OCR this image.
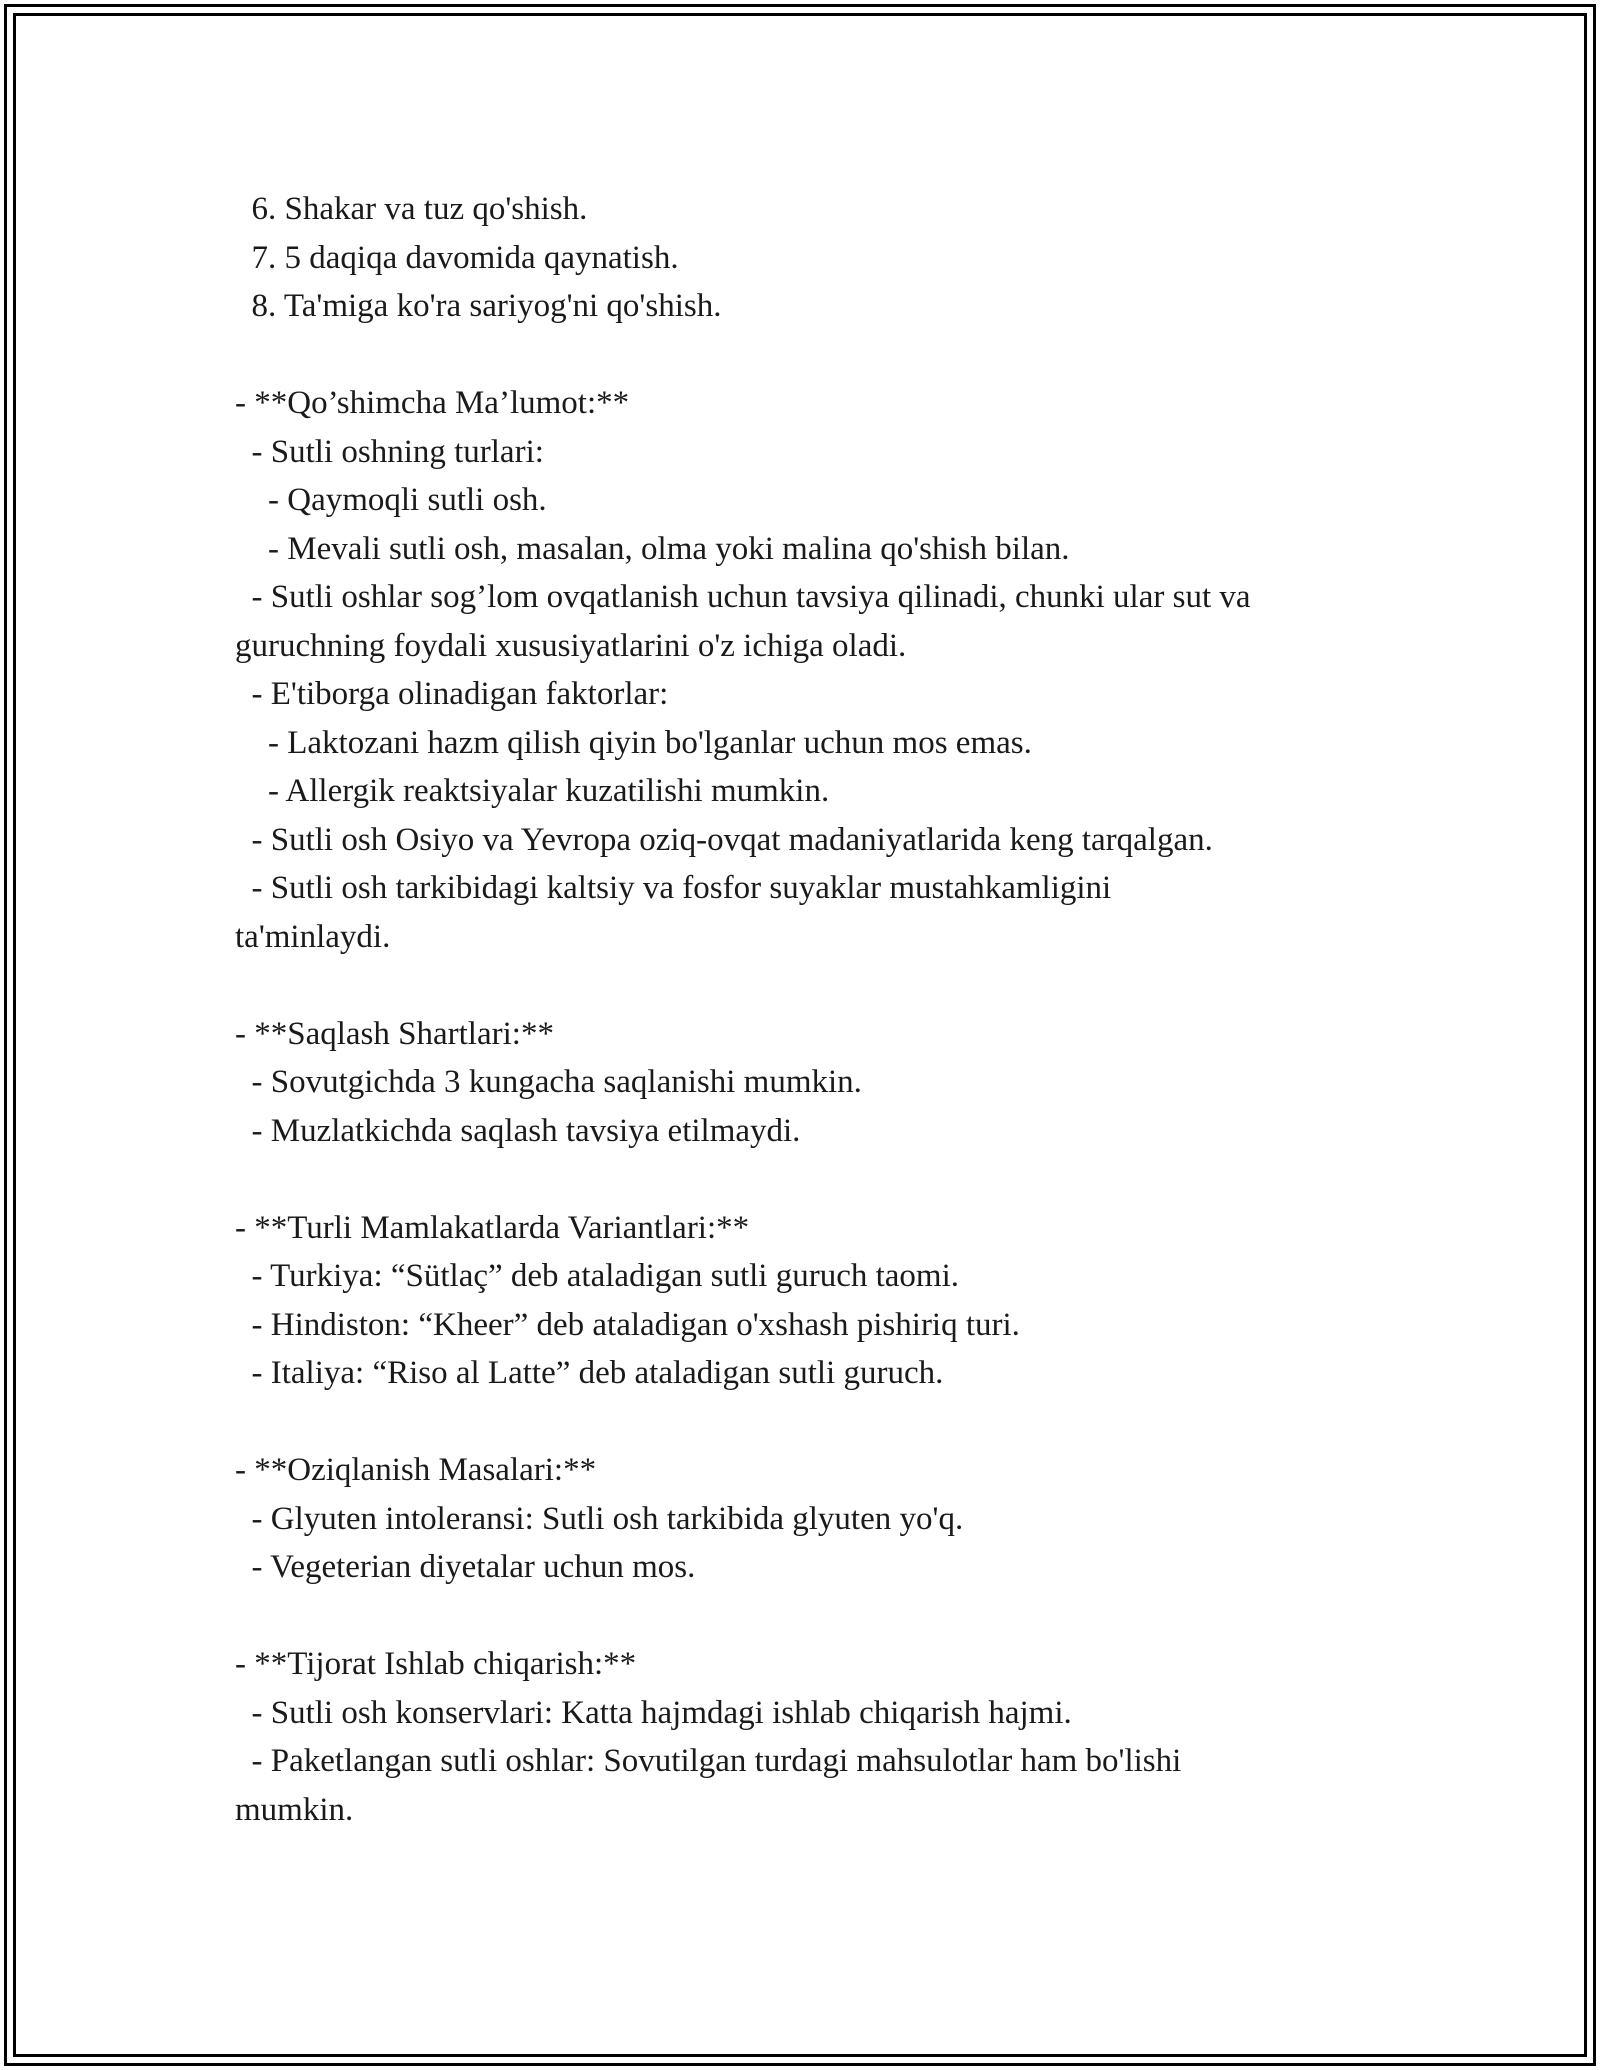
6. Shakar va tuz qo'shish.
7. 5 daqiqa davomida qaynatish.
8. Ta'miga ko'ra sariyog'ni qo'shish.
- **Qo’shimcha Ma’lumot:**
- Sutli oshning turlari:
- Qaymoqli sutli osh.
- Mevali sutli osh, masalan, olma yoki malina qo'shish bilan.
- Sutli oshlar sog’lom ovqatlanish uchun tavsiya qilinadi, chunki ular sut va
guruchning foydali xususiyatlarini o'z ichiga oladi.
- E'tiborga olinadigan faktorlar:
- Laktozani hazm qilish qiyin bo'lganlar uchun mos emas.
- Allergik reaktsiyalar kuzatilishi mumkin.
- Sutli osh Osiyo va Yevropa oziq-ovqat madaniyatlarida keng tarqalgan.
- Sutli osh tarkibidagi kaltsiy va fosfor suyaklar mustahkamligini
ta'minlaydi.
- **Saqlash Shartlari:**
- Sovutgichda 3 kungacha saqlanishi mumkin.
- Muzlatkichda saqlash tavsiya etilmaydi.
- **Turli Mamlakatlarda Variantlari:**
- Turkiya: “Sütlaç” deb ataladigan sutli guruch taomi.
- Hindiston: “Kheer” deb ataladigan o'xshash pishiriq turi.
- Italiya: “Riso al Latte” deb ataladigan sutli guruch.
- **Oziqlanish Masalari:**
- Glyuten intoleransi: Sutli osh tarkibida glyuten yo'q.
- Vegeterian diyetalar uchun mos.
- **Tijorat Ishlab chiqarish:**
- Sutli osh konservlari: Katta hajmdagi ishlab chiqarish hajmi.
- Paketlangan sutli oshlar: Sovutilgan turdagi mahsulotlar ham bo'lishi
mumkin.
